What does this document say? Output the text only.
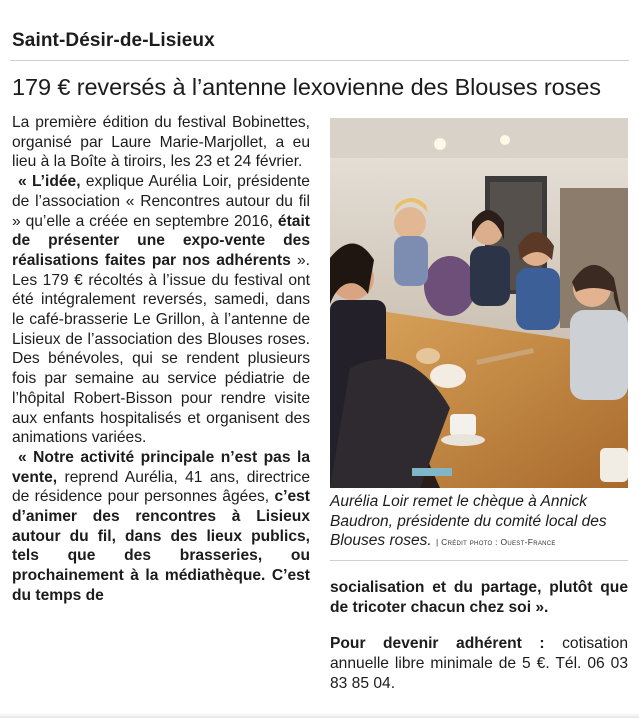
Saint-Désir-de-Lisieux
179 € reversés à l’antenne lexovienne des Blouses roses

La première édition du festival Bobinettes, organisé par Laure Marie-Marjollet, a eu lieu à la Boîte à tiroirs, les 23 et 24 février.

« L’idée, explique Aurélia Loir, présidente de l’association « Rencontres autour du fil » qu’elle a créée en septembre 2016, était de présenter une expo-vente des réalisations faites par nos adhérents ». Les 179 € récoltés à l’issue du festival ont été intégralement reversés, samedi, dans le café-brasserie Le Grillon, à l’antenne de Lisieux de l’association des Blouses roses. Des bénévoles, qui se rendent plusieurs fois par semaine au service pédiatrie de l’hôpital Robert-Bisson pour rendre visite aux enfants hospitalisés et organisent des animations variées.

« Notre activité principale n’est pas la vente, reprend Aurélia, 41 ans, directrice de résidence pour personnes âgées, c’est d’animer des rencontres à Lisieux autour du fil, dans des lieux publics, tels que des brasseries, ou prochainement à la médiathèque. C’est du temps de

Aurélia Loir remet le chèque à Annick Baudron, présidente du comité local des Blouses roses. | Crédit photo : Ouest-France

socialisation et du partage, plutôt que de tricoter chacun chez soi ».

Pour devenir adhérent : cotisation annuelle libre minimale de 5 €. Tél. 06 03 83 85 04.
